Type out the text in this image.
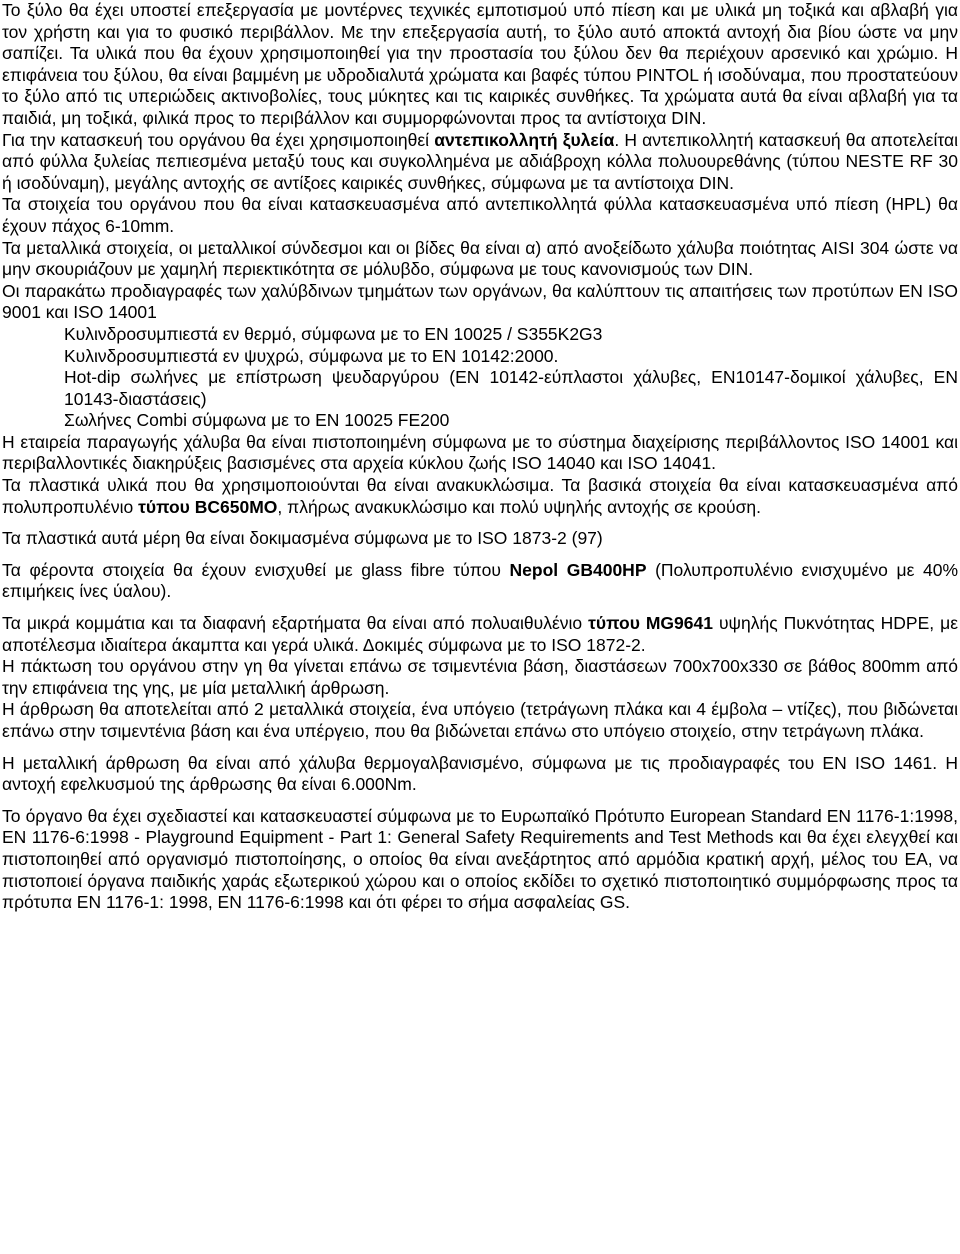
Το ξύλο θα έχει υποστεί επεξεργασία με μοντέρνες τεχνικές εμποτισμού υπό πίεση και με υλικά μη τοξικά και αβλαβή για τον χρήστη και για το φυσικό περιβάλλον. Με την επεξεργασία αυτή, το ξύλο αυτό αποκτά αντοχή δια βίου ώστε να μην σαπίζει. Τα υλικά που θα έχουν χρησιμοποιηθεί για την προστασία του ξύλου δεν θα περιέχουν αρσενικό και χρώμιο. Η επιφάνεια του ξύλου, θα είναι βαμμένη με υδροδιαλυτά χρώματα και βαφές τύπου PINTOL ή ισοδύναμα, που προστατεύουν το ξύλο από τις υπεριώδεις ακτινοβολίες, τους μύκητες και τις καιρικές συνθήκες. Τα χρώματα αυτά θα είναι αβλαβή για τα παιδιά, μη τοξικά, φιλικά προς το περιβάλλον και συμμορφώνονται προς τα αντίστοιχα DIN.

Για την κατασκευή του οργάνου θα έχει χρησιμοποιηθεί αντεπικολλητή ξυλεία. Η αντεπικολλητή κατασκευή θα αποτελείται από φύλλα ξυλείας πεπιεσμένα μεταξύ τους και συγκολλημένα με αδιάβροχη κόλλα πολυουρεθάνης (τύπου NESTE RF 30 ή ισοδύναμη), μεγάλης αντοχής σε αντίξοες καιρικές συνθήκες, σύμφωνα με τα αντίστοιχα DIN.

Τα στοιχεία του οργάνου που θα είναι κατασκευασμένα από αντεπικολλητά φύλλα κατασκευασμένα υπό πίεση (HPL) θα έχουν πάχος 6-10mm.

Τα μεταλλικά στοιχεία, οι μεταλλικοί σύνδεσμοι και οι βίδες θα είναι α) από ανοξείδωτο χάλυβα ποιότητας AISI 304 ώστε να μην σκουριάζουν με χαμηλή περιεκτικότητα σε μόλυβδο, σύμφωνα με τους κανονισμούς των DIN.

Οι παρακάτω προδιαγραφές των χαλύβδινων τμημάτων των οργάνων, θα καλύπτουν τις απαιτήσεις των προτύπων EN ISO 9001 και ISO 14001

Κυλινδροσυμπιεστά εν θερμό, σύμφωνα με το EN 10025 / S355K2G3

Κυλινδροσυμπιεστά εν ψυχρώ, σύμφωνα με το EN 10142:2000.

Hot-dip σωλήνες με επίστρωση ψευδαργύρου (EN 10142-εύπλαστοι χάλυβες, EN10147-δομικοί χάλυβες, EN 10143-διαστάσεις)

Σωλήνες Combi σύμφωνα με το EN 10025 FE200

Η εταιρεία παραγωγής χάλυβα θα είναι πιστοποιημένη σύμφωνα με το σύστημα διαχείρισης περιβάλλοντος ISO 14001 και περιβαλλοντικές διακηρύξεις βασισμένες στα αρχεία κύκλου ζωής ISO 14040 και ISO 14041.

Τα πλαστικά υλικά που θα χρησιμοποιούνται θα είναι ανακυκλώσιμα. Τα βασικά στοιχεία θα είναι κατασκευασμένα από πολυπροπυλένιο τύπου BC650MO, πλήρως ανακυκλώσιμο και πολύ υψηλής αντοχής σε κρούση.

Τα πλαστικά αυτά μέρη θα είναι δοκιμασμένα σύμφωνα με το ISO 1873-2 (97)

Τα φέροντα στοιχεία θα έχουν ενισχυθεί με glass fibre τύπου Nepol GB400HP (Πολυπροπυλένιο ενισχυμένο με 40% επιμήκεις ίνες ύαλου).

Τα μικρά κομμάτια και τα διαφανή εξαρτήματα θα είναι από πολυαιθυλένιο τύπου MG9641 υψηλής Πυκνότητας HDPE, με αποτέλεσμα ιδιαίτερα άκαμπτα και γερά υλικά. Δοκιμές σύμφωνα με το ISO 1872-2.

Η πάκτωση του οργάνου στην γη θα γίνεται επάνω σε τσιμεντένια βάση, διαστάσεων 700x700x330 σε βάθος 800mm από την επιφάνεια της γης, με μία μεταλλική άρθρωση.

Η άρθρωση θα αποτελείται από 2 μεταλλικά στοιχεία, ένα υπόγειο (τετράγωνη πλάκα και 4 έμβολα – ντίζες), που βιδώνεται επάνω στην τσιμεντένια βάση και ένα υπέργειο, που θα βιδώνεται επάνω στο υπόγειο στοιχείο, στην τετράγωνη πλάκα.

Η μεταλλική άρθρωση θα είναι από χάλυβα θερμογαλβανισμένο, σύμφωνα με τις προδιαγραφές του EN ISO 1461. Η αντοχή εφελκυσμού της άρθρωσης θα είναι 6.000Nm.

Το όργανο θα έχει σχεδιαστεί και κατασκευαστεί σύμφωνα με το Ευρωπαϊκό Πρότυπο European Standard EN 1176-1:1998, EN 1176-6:1998 - Playground Equipment - Part 1: General Safety Requirements and Test Methods και θα έχει ελεγχθεί και πιστοποιηθεί από οργανισμό πιστοποίησης, ο οποίος θα είναι ανεξάρτητος από αρμόδια κρατική αρχή, μέλος του ΕΑ, να πιστοποιεί όργανα παιδικής χαράς εξωτερικού χώρου και ο οποίος εκδίδει το σχετικό πιστοποιητικό συμμόρφωσης προς τα πρότυπα EN 1176-1: 1998, EN 1176-6:1998 και ότι φέρει το σήμα ασφαλείας GS.
